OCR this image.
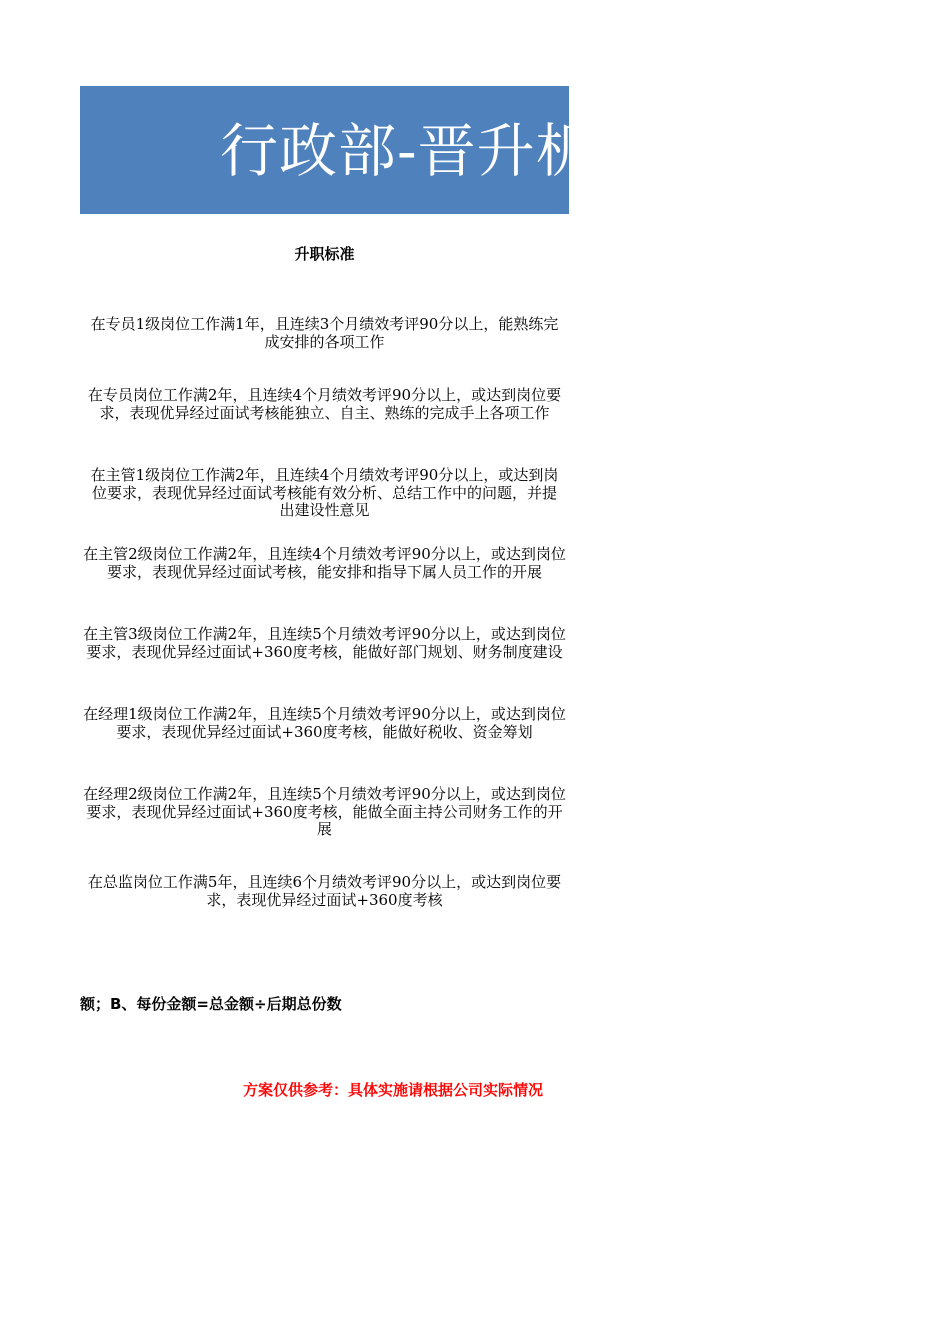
行政部-晋升机制
升职标准
在专员1级岗位工作满1年，且连续3个月绩效考评90分以上，能熟练完成安排的各项工作
在专员岗位工作满2年，且连续4个月绩效考评90分以上，或达到岗位要求，表现优异经过面试考核能独立、自主、熟练的完成手上各项工作
在主管1级岗位工作满2年，且连续4个月绩效考评90分以上，或达到岗位要求，表现优异经过面试考核能有效分析、总结工作中的问题，并提出建设性意见
在主管2级岗位工作满2年，且连续4个月绩效考评90分以上，或达到岗位要求，表现优异经过面试考核，能安排和指导下属人员工作的开展
在主管3级岗位工作满2年，且连续5个月绩效考评90分以上，或达到岗位要求，表现优异经过面试+360度考核，能做好部门规划、财务制度建设
在经理1级岗位工作满2年，且连续5个月绩效考评90分以上，或达到岗位要求，表现优异经过面试+360度考核，能做好税收、资金筹划
在经理2级岗位工作满2年，且连续5个月绩效考评90分以上，或达到岗位要求，表现优异经过面试+360度考核，能做全面主持公司财务工作的开展
在总监岗位工作满5年，且连续6个月绩效考评90分以上，或达到岗位要求，表现优异经过面试+360度考核
额；B、每份金额=总金额÷后期总份数
方案仅供参考：具体实施请根据公司实际情况
